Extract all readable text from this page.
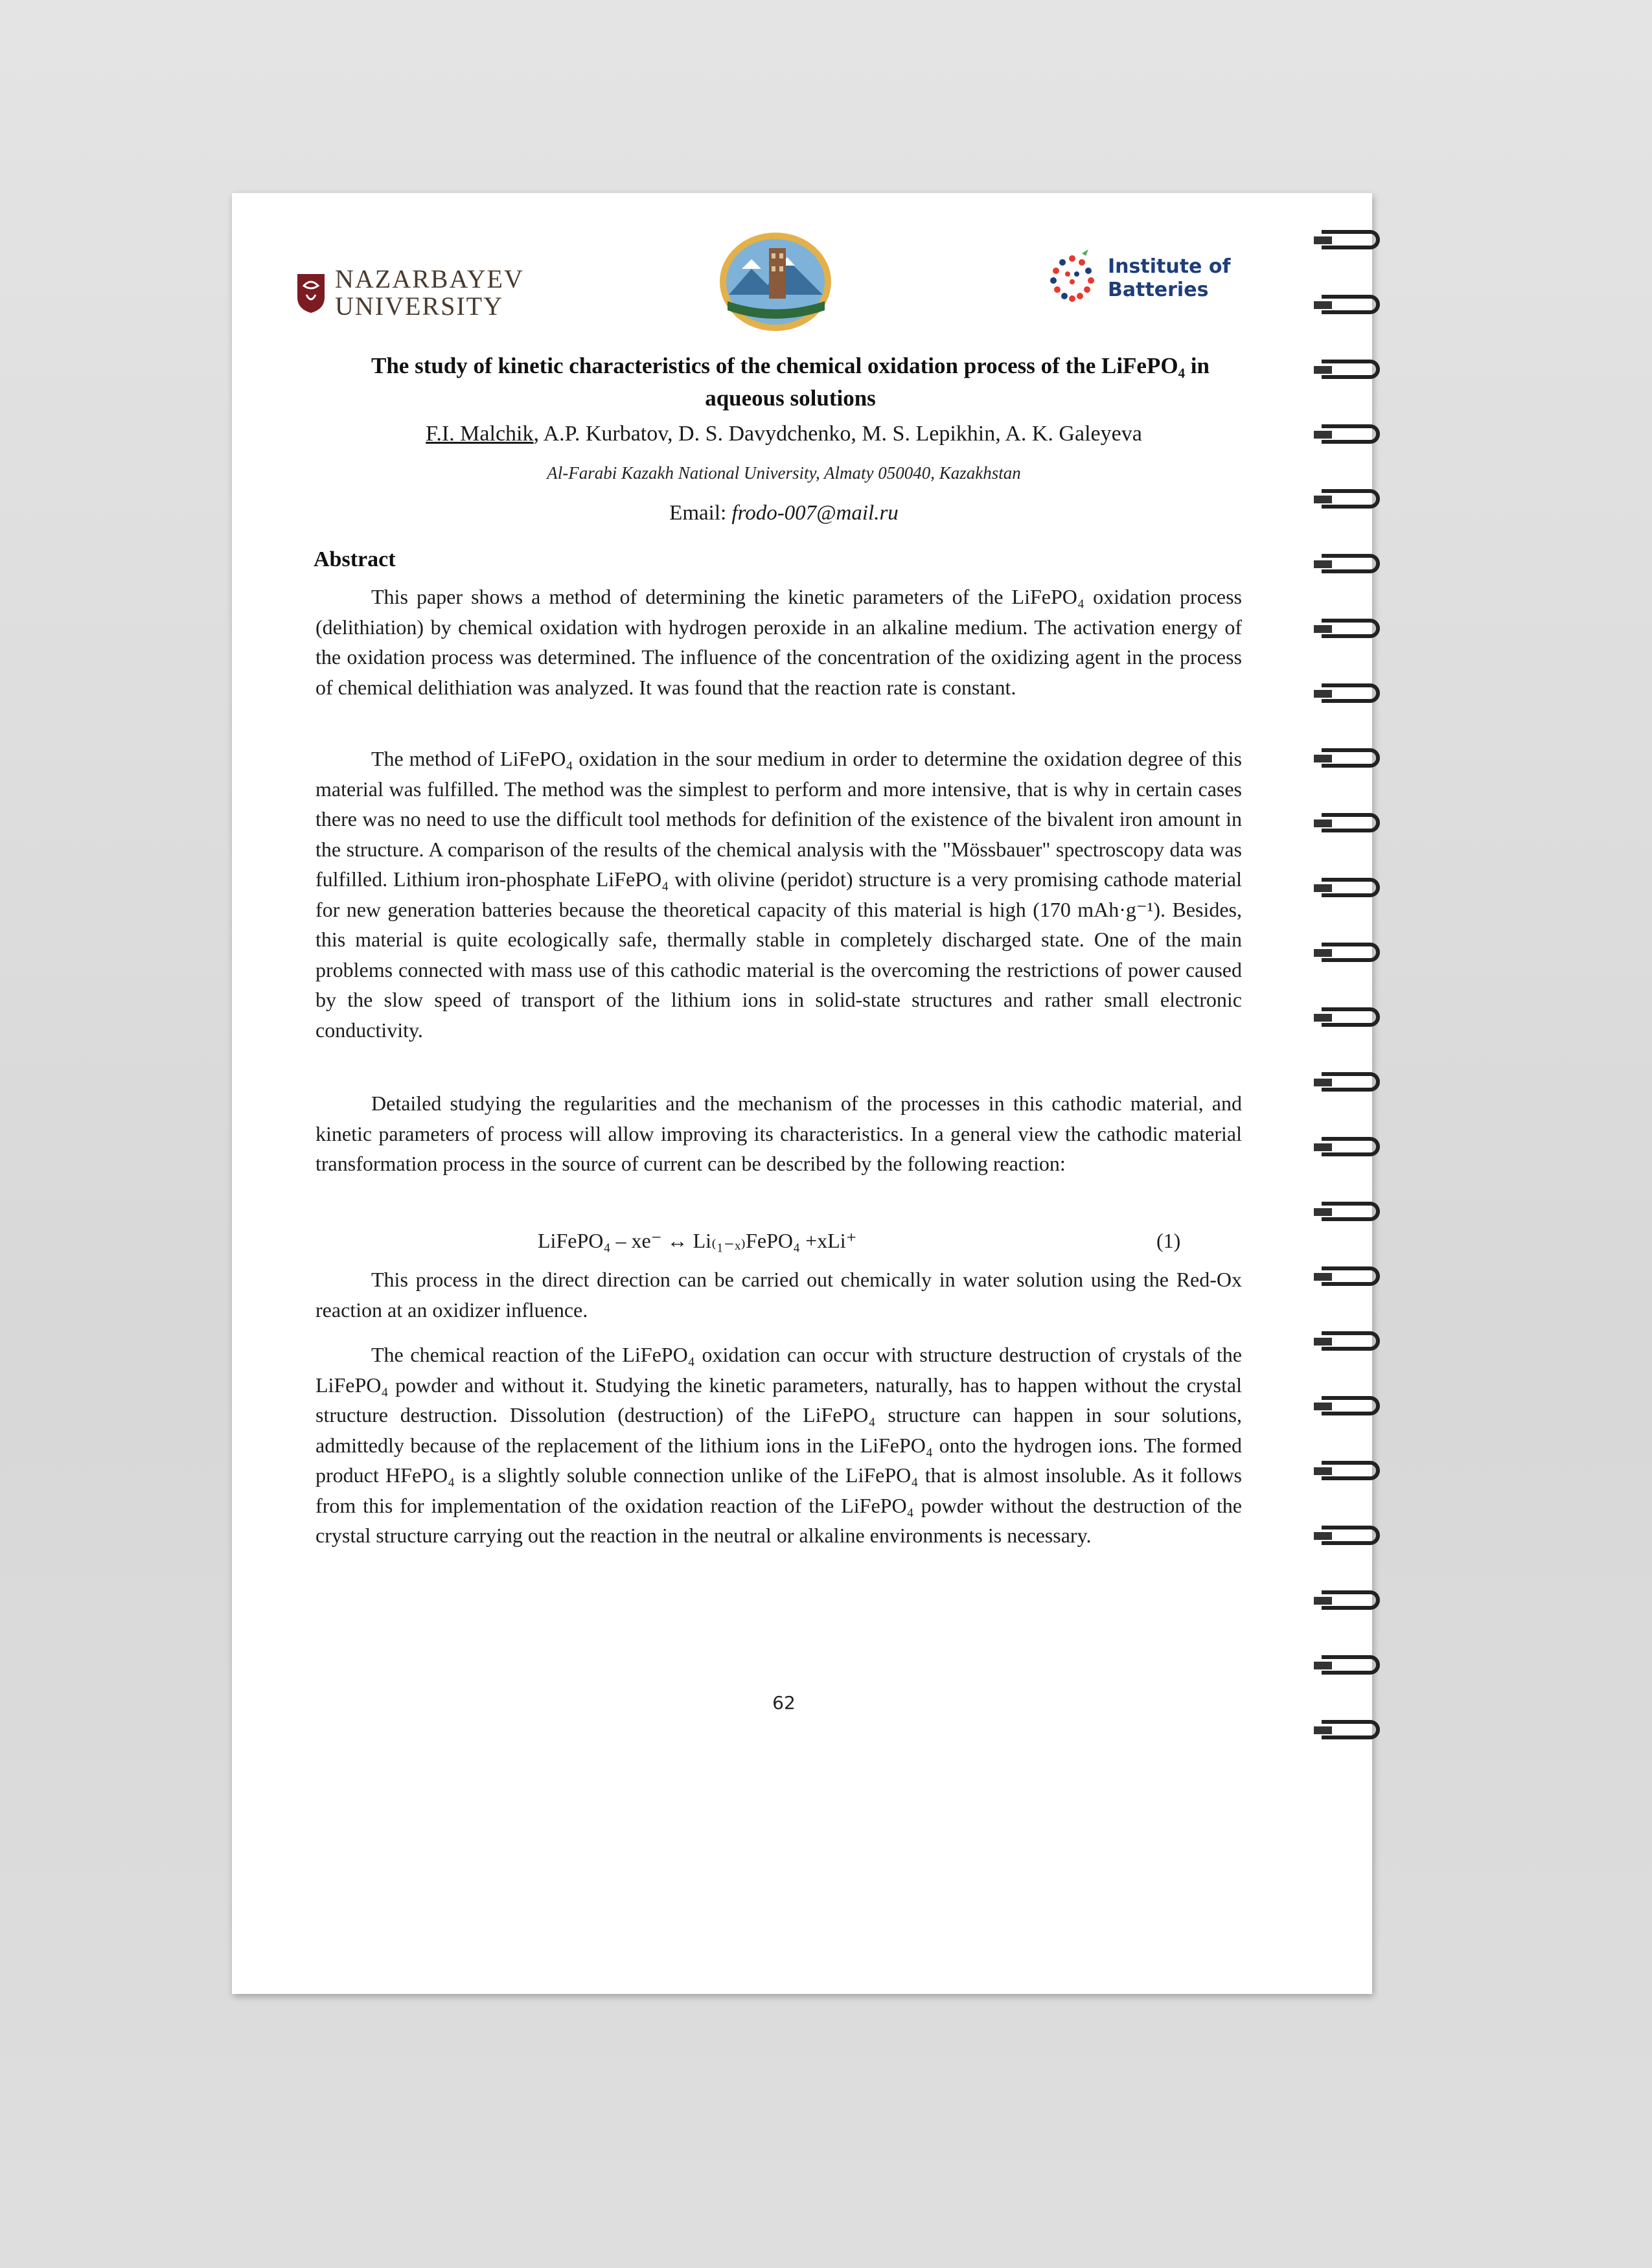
NAZARBAYEV
UNIVERSITY
Institute of
Batteries
The study of kinetic characteristics of the chemical oxidation process of the LiFePO₄ in aqueous solutions
F.I. Malchik, A.P. Kurbatov, D. S. Davydchenko, M. S. Lepikhin, A. K. Galeyeva
Al-Farabi Kazakh National University, Almaty 050040, Kazakhstan
Email: frodo-007@mail.ru
Abstract

This paper shows a method of determining the kinetic parameters of the LiFePO₄ oxidation process (delithiation) by chemical oxidation with hydrogen peroxide in an alkaline medium. The activation energy of the oxidation process was determined. The influence of the concentration of the oxidizing agent in the process of chemical delithiation was analyzed. It was found that the reaction rate is constant.

The method of LiFePO₄ oxidation in the sour medium in order to determine the oxidation degree of this material was fulfilled. The method was the simplest to perform and more intensive, that is why in certain cases there was no need to use the difficult tool methods for definition of the existence of the bivalent iron amount in the structure. A comparison of the results of the chemical analysis with the "Mössbauer" spectroscopy data was fulfilled. Lithium iron-phosphate LiFePO₄ with olivine (peridot) structure is a very promising cathode material for new generation batteries because the theoretical capacity of this material is high (170 mAh·g⁻¹). Besides, this material is quite ecologically safe, thermally stable in completely discharged state. One of the main problems connected with mass use of this cathodic material is the overcoming the restrictions of power caused by the slow speed of transport of the lithium ions in solid-state structures and rather small electronic conductivity.

Detailed studying the regularities and the mechanism of the processes in this cathodic material, and kinetic parameters of process will allow improving its characteristics. In a general view the cathodic material transformation process in the source of current can be described by the following reaction:

LiFePO₄ – xe⁻ ↔ Li₍₁₋ₓ₎FePO₄ +xLi⁺	(1)

This process in the direct direction can be carried out chemically in water solution using the Red-Ox reaction at an oxidizer influence.

The chemical reaction of the LiFePO₄ oxidation can occur with structure destruction of crystals of the LiFePO₄ powder and without it. Studying the kinetic parameters, naturally, has to happen without the crystal structure destruction. Dissolution (destruction) of the LiFePO₄ structure can happen in sour solutions, admittedly because of the replacement of the lithium ions in the LiFePO₄ onto the hydrogen ions. The formed product HFePO₄ is a slightly soluble connection unlike of the LiFePO₄ that is almost insoluble. As it follows from this for implementation of the oxidation reaction of the LiFePO₄ powder without the destruction of the crystal structure carrying out the reaction in the neutral or alkaline environments is necessary.

62
